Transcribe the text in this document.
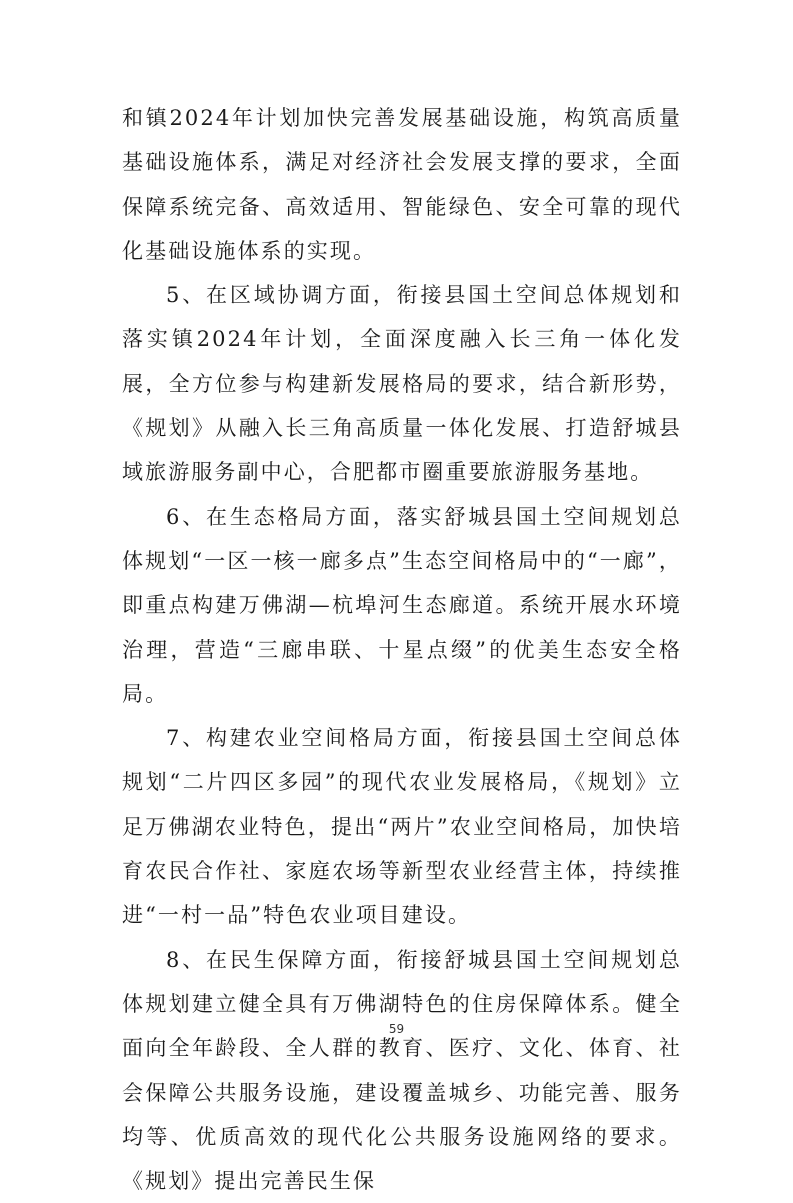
和镇2024年计划加快完善发展基础设施，构筑高质量基础设施体系，满足对经济社会发展支撑的要求，全面保障系统完备、高效适用、智能绿色、安全可靠的现代化基础设施体系的实现。

5、在区域协调方面，衔接县国土空间总体规划和落实镇2024年计划，全面深度融入长三角一体化发展，全方位参与构建新发展格局的要求，结合新形势，《规划》从融入长三角高质量一体化发展、打造舒城县域旅游服务副中心，合肥都市圈重要旅游服务基地。

6、在生态格局方面，落实舒城县国土空间规划总体规划“一区一核一廊多点”生态空间格局中的“一廊”，即重点构建万佛湖—杭埠河生态廊道。系统开展水环境治理，营造“三廊串联、十星点缀”的优美生态安全格局。

7、构建农业空间格局方面，衔接县国土空间总体规划“二片四区多园”的现代农业发展格局，《规划》立足万佛湖农业特色，提出“两片”农业空间格局，加快培育农民合作社、家庭农场等新型农业经营主体，持续推进“一村一品”特色农业项目建设。

8、在民生保障方面，衔接舒城县国土空间规划总体规划建立健全具有万佛湖特色的住房保障体系。健全面向全年龄段、全人群的教育、医疗、文化、体育、社会保障公共服务设施，建设覆盖城乡、功能完善、服务均等、优质高效的现代化公共服务设施网络的要求。《规划》提出完善民生保

59
